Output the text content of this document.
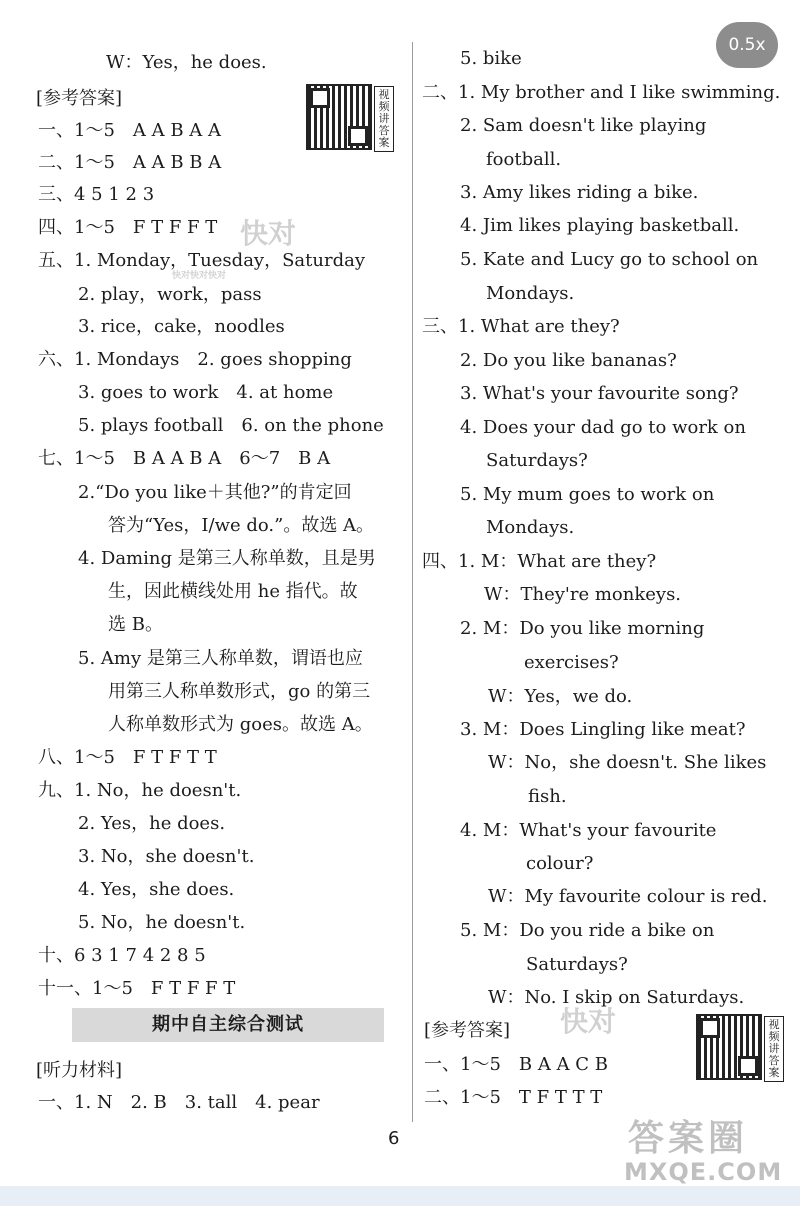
W：Yes，he does.
[参考答案]
一、1～5　A A B A A
二、1～5　A A B B A
三、4 5 1 2 3
四、1～5　F T F F T
五、1. Monday，Tuesday，Saturday
2. play，work，pass
3. rice，cake，noodles
六、1. Mondays　2. goes shopping
3. goes to work　4. at home
5. plays football　6. on the phone
七、1～5　B A A B A　6～7　B A
2.“Do you like＋其他?”的肯定回
答为“Yes，I/we do.”。故选 A。
4. Daming 是第三人称单数，且是男
生，因此横线处用 he 指代。故
选 B。
5. Amy 是第三人称单数，谓语也应
用第三人称单数形式，go 的第三
人称单数形式为 goes。故选 A。
八、1～5　F T F T T
九、1. No，he doesn't.
2. Yes，he does.
3. No，she doesn't.
4. Yes，she does.
5. No，he doesn't.
十、6 3 1 7 4 2 8 5
十一、1～5　F T F F T
期中自主综合测试
[听力材料]
一、1. N　2. B　3. tall　4. pear
视频讲答案
5. bike
二、1. My brother and I like swimming.
2. Sam doesn't like playing
football.
3. Amy likes riding a bike.
4. Jim likes playing basketball.
5. Kate and Lucy go to school on
Mondays.
三、1. What are they?
2. Do you like bananas?
3. What's your favourite song?
4. Does your dad go to work on
Saturdays?
5. My mum goes to work on
Mondays.
四、1. M：What are they?
W：They're monkeys.
2. M：Do you like morning
exercises?
W：Yes，we do.
3. M：Does Lingling like meat?
W：No，she doesn't. She likes
fish.
4. M：What's your favourite
colour?
W：My favourite colour is red.
5. M：Do you ride a bike on
Saturdays?
W：No. I skip on Saturdays.
[参考答案]
一、1～5　B A A C B
二、1～5　T F T T T
视频讲答案
快对
快对快对快对
快对
0.5x
6	答案圈
MXQE.COM
